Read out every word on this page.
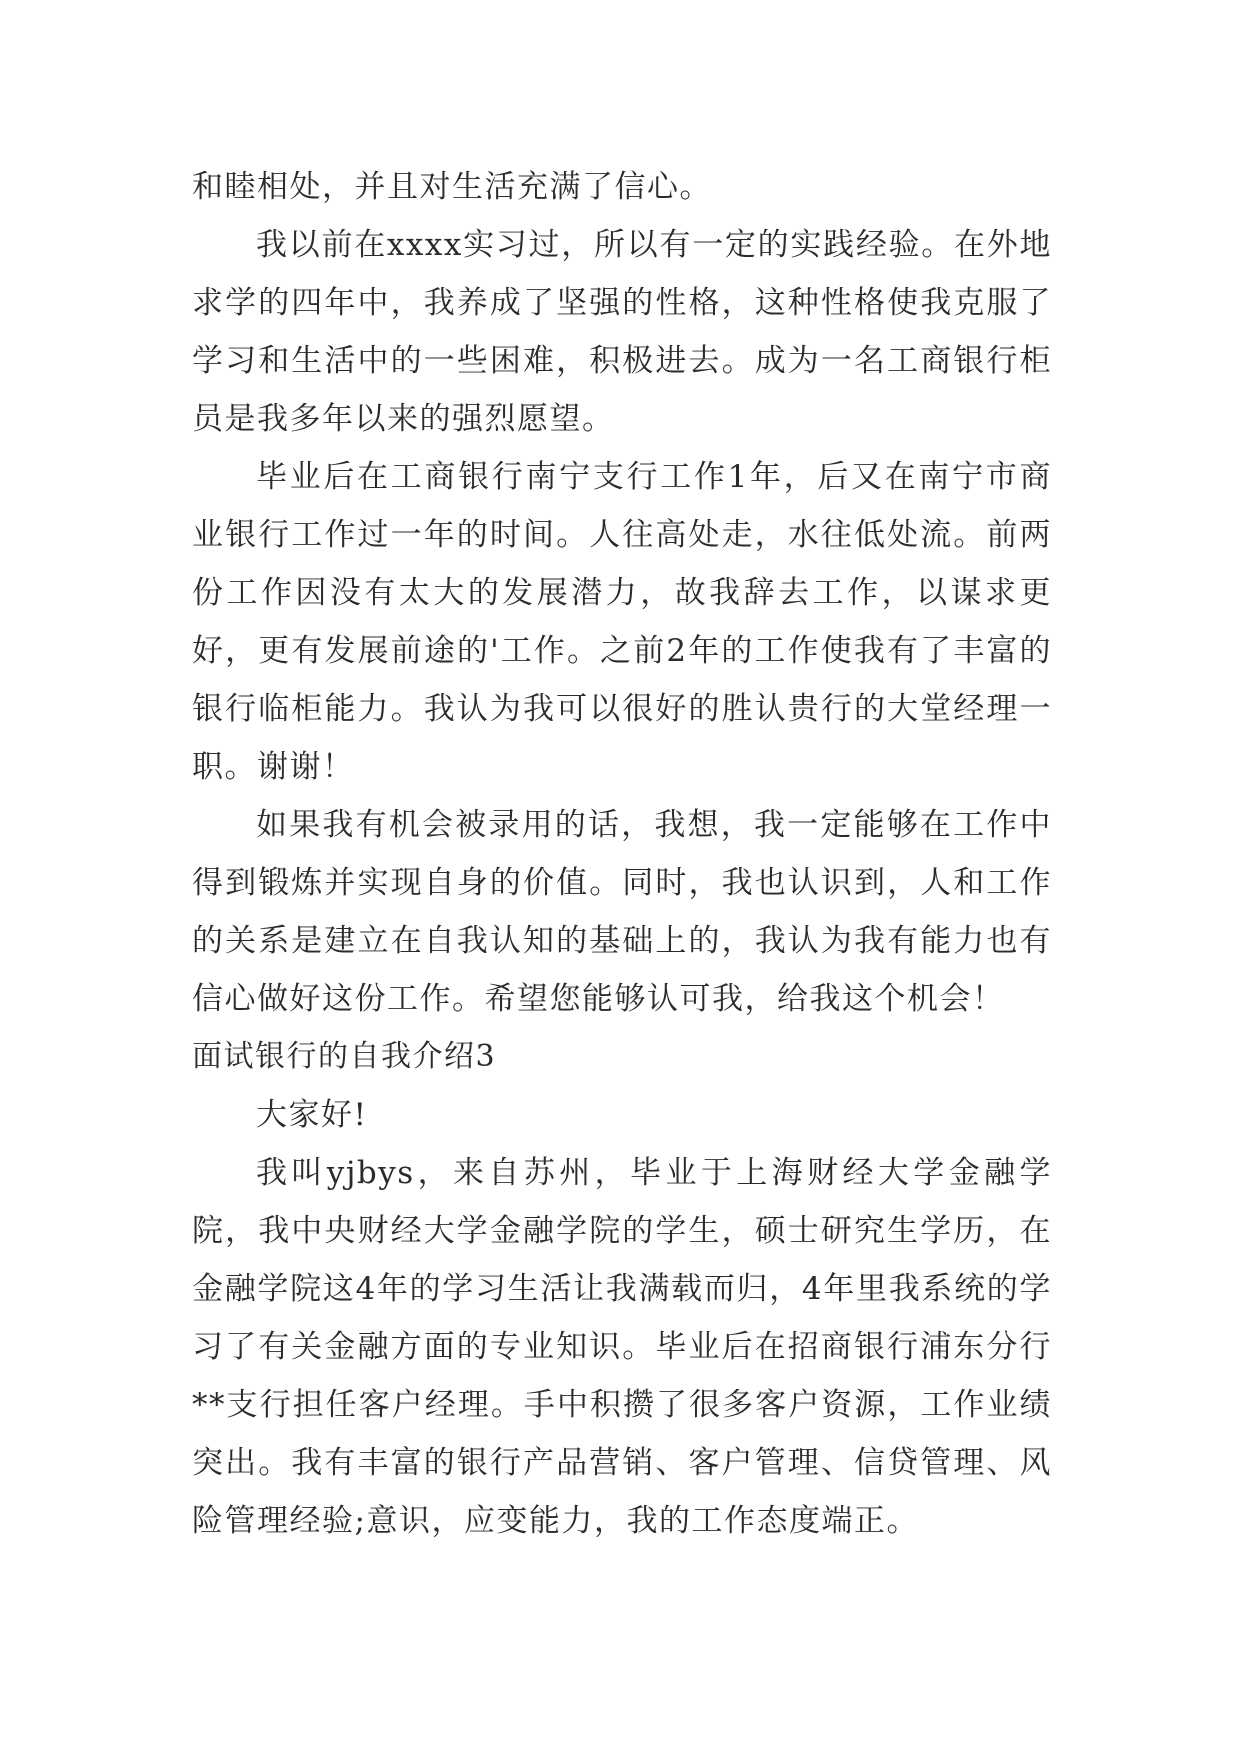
和睦相处，并且对生活充满了信心。

我以前在xxxx实习过，所以有一定的实践经验。在外地求学的四年中，我养成了坚强的性格，这种性格使我克服了学习和生活中的一些困难，积极进去。成为一名工商银行柜员是我多年以来的强烈愿望。

毕业后在工商银行南宁支行工作1年，后又在南宁市商业银行工作过一年的时间。人往高处走，水往低处流。前两份工作因没有太大的发展潜力，故我辞去工作，以谋求更好，更有发展前途的'工作。之前2年的工作使我有了丰富的银行临柜能力。我认为我可以很好的胜认贵行的大堂经理一职。谢谢！

如果我有机会被录用的话，我想，我一定能够在工作中得到锻炼并实现自身的价值。同时，我也认识到，人和工作的关系是建立在自我认知的基础上的，我认为我有能力也有信心做好这份工作。希望您能够认可我，给我这个机会！

面试银行的自我介绍3

大家好!

我叫yjbys，来自苏州，毕业于上海财经大学金融学院，我中央财经大学金融学院的学生，硕士研究生学历，在金融学院这4年的学习生活让我满载而归，4年里我系统的学习了有关金融方面的专业知识。毕业后在招商银行浦东分行**支行担任客户经理。手中积攒了很多客户资源，工作业绩突出。我有丰富的银行产品营销、客户管理、信贷管理、风险管理经验;意识，应变能力，我的工作态度端正。
